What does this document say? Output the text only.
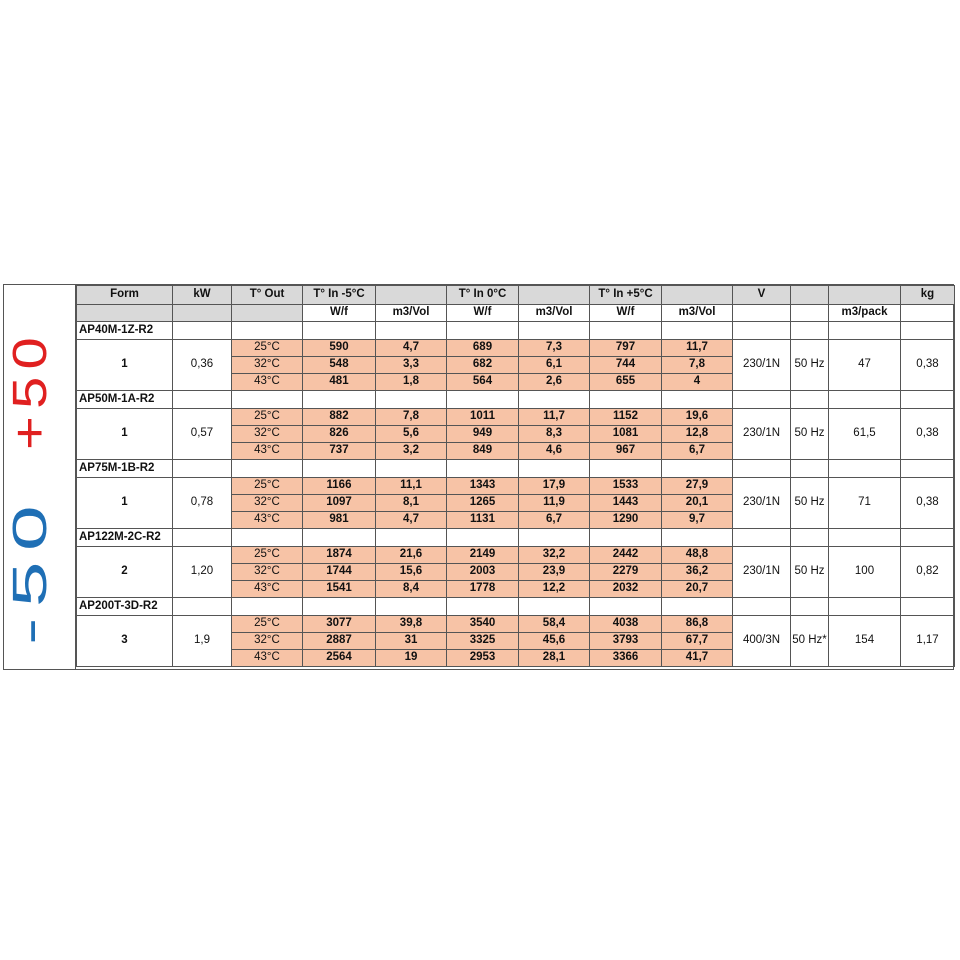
-50
+50
Form	kW	T° Out	T° In -5°C		T° In 0°C		T° In +5°C		V			kg
			W/f	m3/Vol	W/f	m3/Vol	W/f	m3/Vol			m3/pack	
AP40M-1Z-R2												
1	0,36	25°C	590	4,7	689	7,3	797	11,7	230/1N	50 Hz	47	0,38
		32°C	548	3,3	682	6,1	744	7,8				
		43°C	481	1,8	564	2,6	655	4				
AP50M-1A-R2												
1	0,57	25°C	882	7,8	1011	11,7	1152	19,6	230/1N	50 Hz	61,5	0,38
		32°C	826	5,6	949	8,3	1081	12,8				
		43°C	737	3,2	849	4,6	967	6,7				
AP75M-1B-R2												
1	0,78	25°C	1166	11,1	1343	17,9	1533	27,9	230/1N	50 Hz	71	0,38
		32°C	1097	8,1	1265	11,9	1443	20,1				
		43°C	981	4,7	1131	6,7	1290	9,7				
AP122M-2C-R2												
2	1,20	25°C	1874	21,6	2149	32,2	2442	48,8	230/1N	50 Hz	100	0,82
		32°C	1744	15,6	2003	23,9	2279	36,2				
		43°C	1541	8,4	1778	12,2	2032	20,7				
AP200T-3D-R2												
3	1,9	25°C	3077	39,8	3540	58,4	4038	86,8	400/3N	50 Hz*	154	1,17
		32°C	2887	31	3325	45,6	3793	67,7				
		43°C	2564	19	2953	28,1	3366	41,7				
